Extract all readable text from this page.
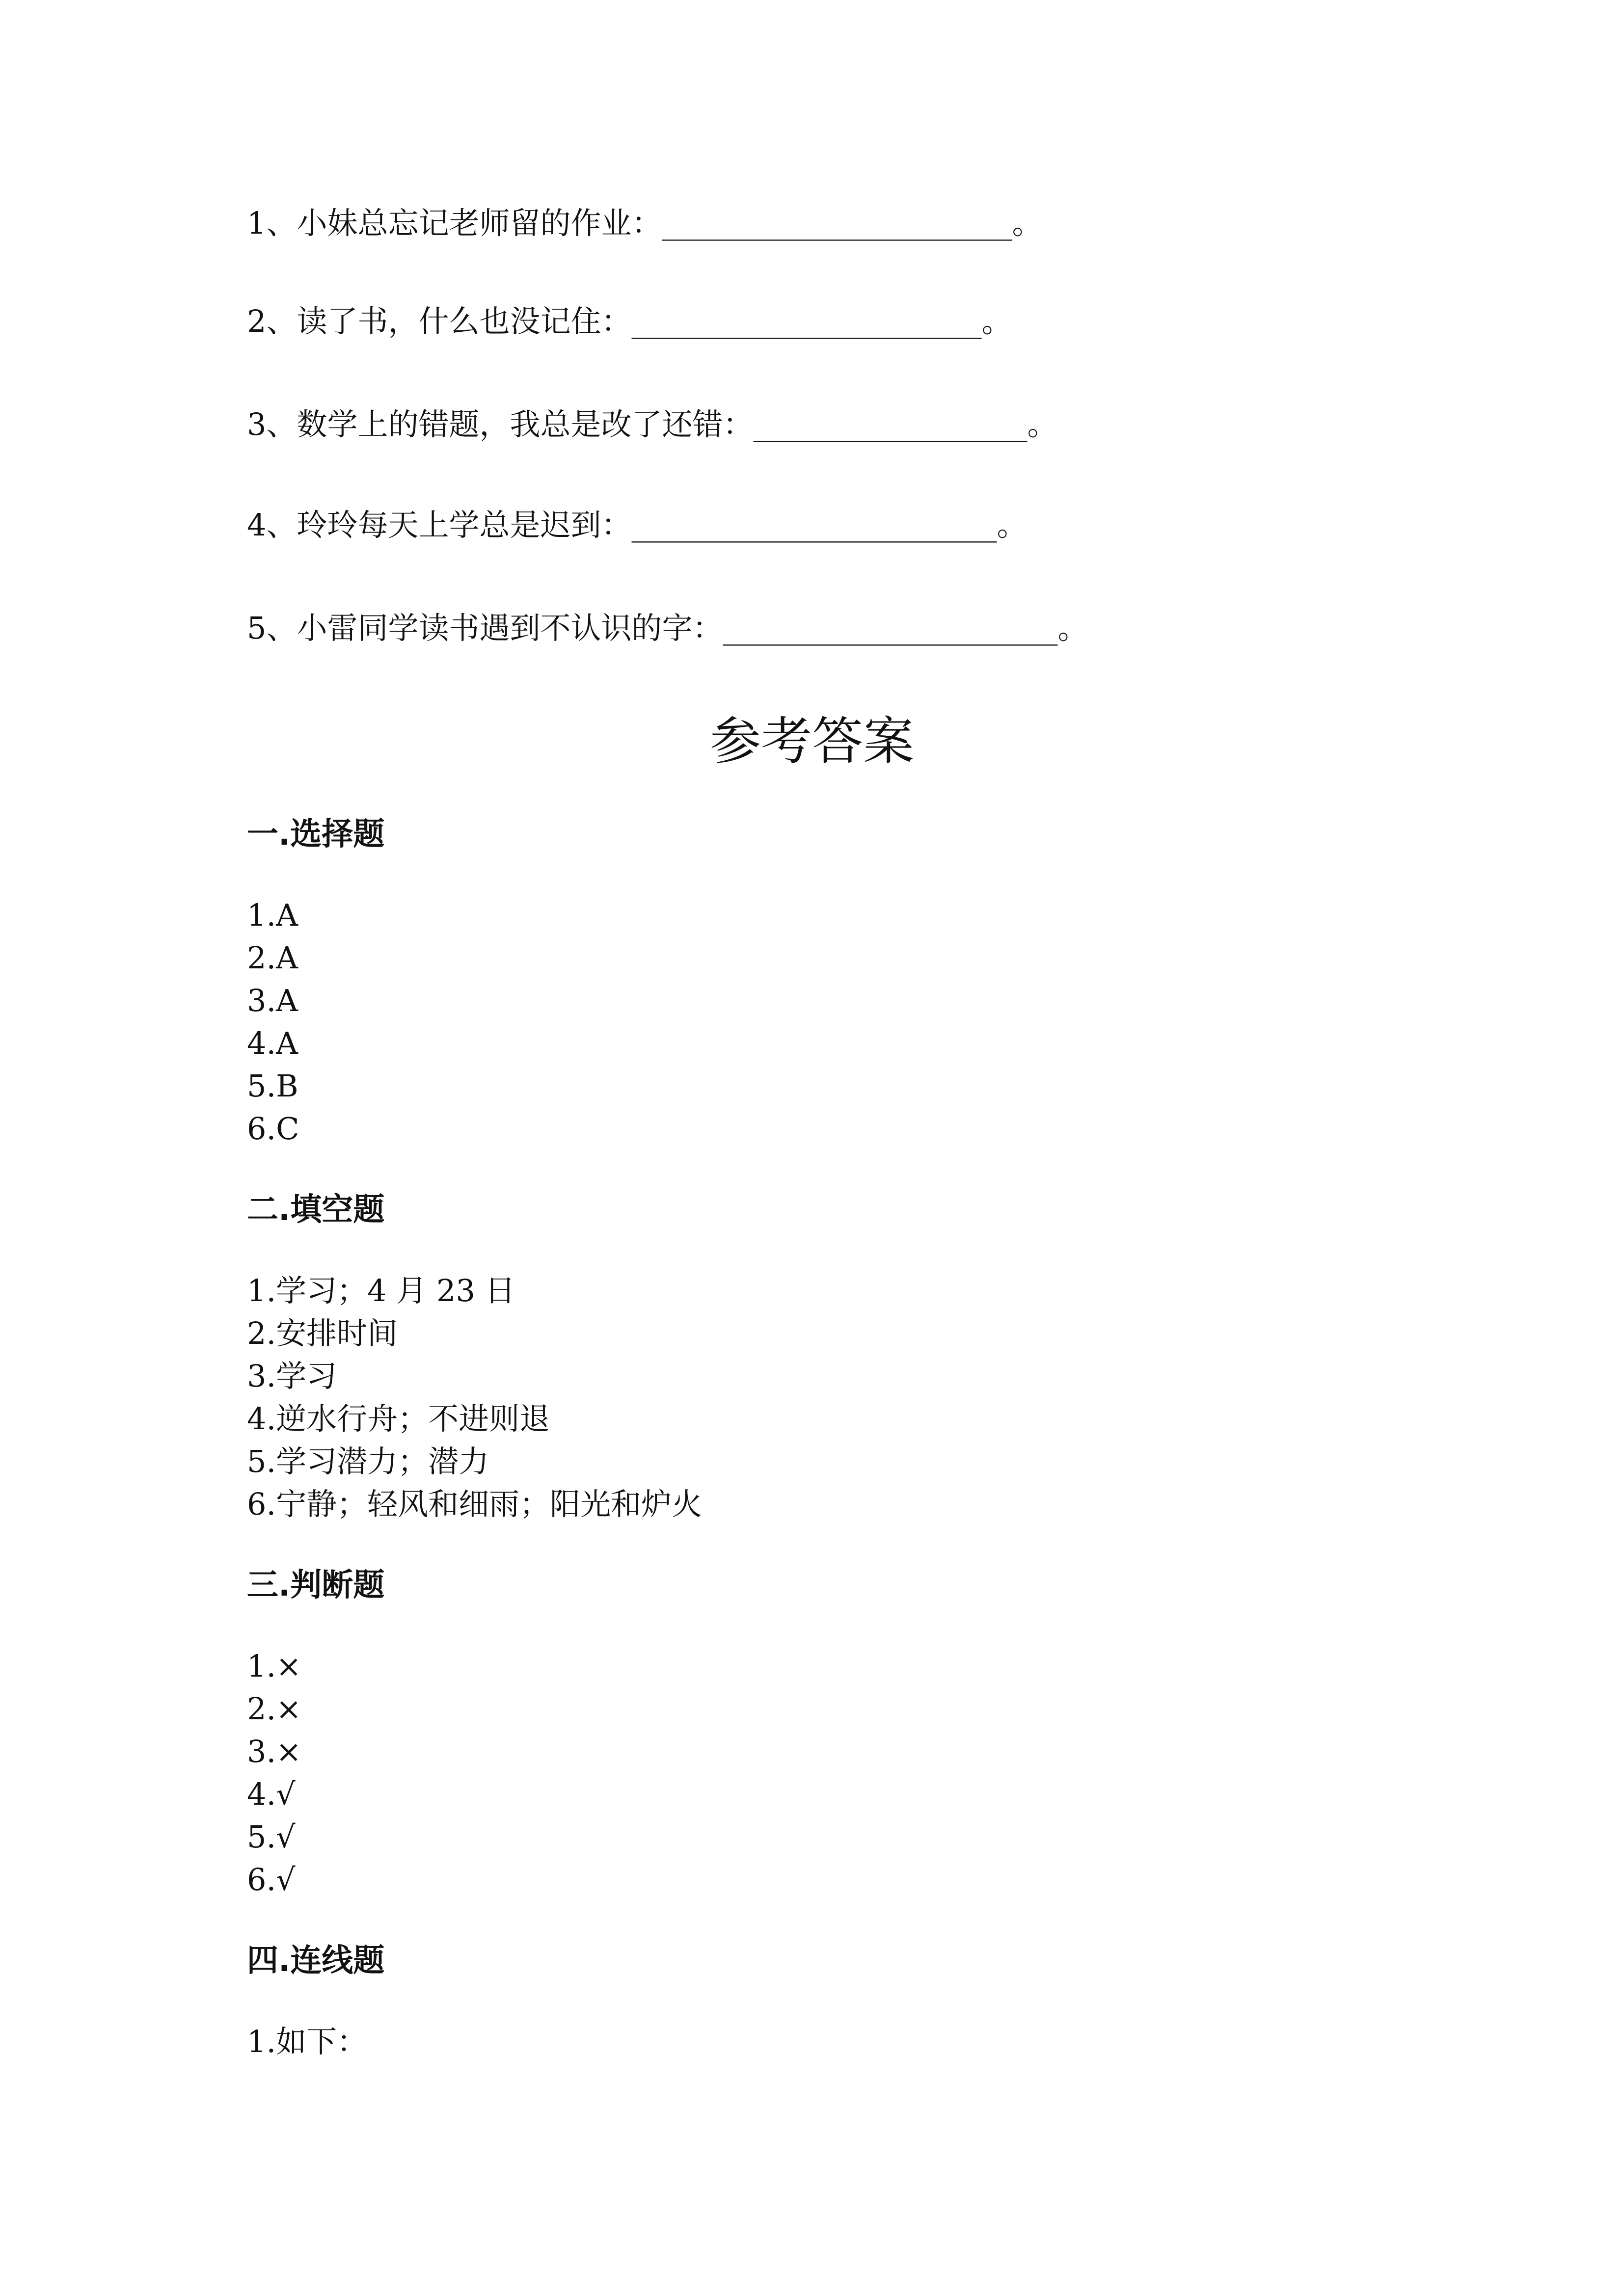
1、小妹总忘记老师留的作业：_______________________。
2、读了书，什么也没记住：_______________________。
3、数学上的错题，我总是改了还错：__________________。
4、玲玲每天上学总是迟到：________________________。
5、小雷同学读书遇到不认识的字：______________________。
参考答案
一.选择题
1.A
2.A
3.A
4.A
5.B
6.C
二.填空题
1.学习；4 月 23 日
2.安排时间
3.学习
4.逆水行舟；不进则退
5.学习潜力；潜力
6.宁静；轻风和细雨；阳光和炉火
三.判断题
1.×
2.×
3.×
4.√
5.√
6.√
四.连线题
1.如下：
